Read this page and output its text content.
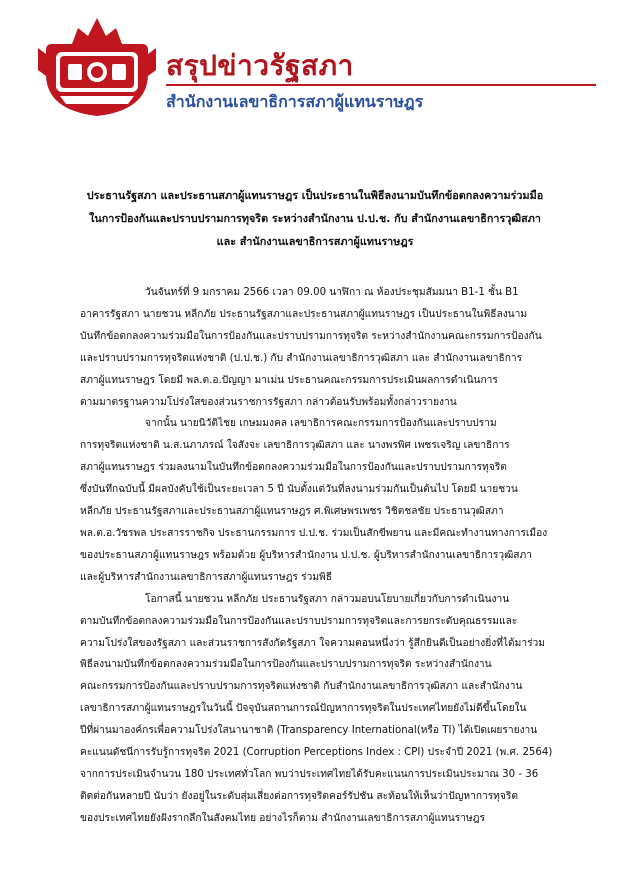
สรุปข่าวรัฐสภา
สำนักงานเลขาธิการสภาผู้แทนราษฎร

ประธานรัฐสภา และประธานสภาผู้แทนราษฎร เป็นประธานในพิธีลงนามบันทึกข้อตกลงความร่วมมือ

ในการป้องกันและปราบปรามการทุจริต ระหว่างสำนักงาน ป.ป.ช. กับ สำนักงานเลขาธิการวุฒิสภา

และ สำนักงานเลขาธิการสภาผู้แทนราษฎร

วันจันทร์ที่ 9 มกราคม 2566 เวลา 09.00 นาฬิกา ณ ห้องประชุมสัมมนา B1-1 ชั้น B1

อาคารรัฐสภา นายชวน หลีกภัย ประธานรัฐสภาและประธานสภาผู้แทนราษฎร เป็นประธานในพิธีลงนาม

บันทึกข้อตกลงความร่วมมือในการป้องกันและปราบปรามการทุจริต ระหว่างสำนักงานคณะกรรมการป้องกัน

และปราบปรามการทุจริตแห่งชาติ (ป.ป.ช.) กับ สำนักงานเลขาธิการวุฒิสภา และ สำนักงานเลขาธิการ

สภาผู้แทนราษฎร โดยมี พล.ต.อ.ปัญญา มาเม่น ประธานคณะกรรมการประเมินผลการดำเนินการ

ตามมาตรฐานความโปร่งใสของส่วนราชการรัฐสภา กล่าวต้อนรับพร้อมทั้งกล่าวรายงาน

จากนั้น นายนิวัติไชย เกษมมงคล เลขาธิการคณะกรรมการป้องกันและปราบปราม

การทุจริตแห่งชาติ น.ส.นภาภรณ์ ใจสังจะ เลขาธิการวุฒิสภา และ นางพรพิศ เพชรเจริญ เลขาธิการ

สภาผู้แทนราษฎร ร่วมลงนามในบันทึกข้อตกลงความร่วมมือในการป้องกันและปราบปรามการทุจริต

ซึ่งบันทึกฉบับนี้ มีผลบังคับใช้เป็นระยะเวลา 5 ปี นับตั้งแต่วันที่ลงนามร่วมกันเป็นต้นไป โดยมี นายชวน

หลีกภัย ประธานรัฐสภาและประธานสภาผู้แทนราษฎร ศ.พิเศษพรเพชร วิชิตชลชัย ประธานวุฒิสภา

พล.ต.อ.วัชรพล ประสารราชกิจ ประธานกรรมการ ป.ป.ช. ร่วมเป็นสักขีพยาน และมีคณะทำงานทางการเมือง

ของประธานสภาผู้แทนราษฎร พร้อมด้วย ผู้บริหารสำนักงาน ป.ป.ช. ผู้บริหารสำนักงานเลขาธิการวุฒิสภา

และผู้บริหารสำนักงานเลขาธิการสภาผู้แทนราษฎร ร่วมพิธี

โอกาสนี้ นายชวน หลีกภัย ประธานรัฐสภา กล่าวมอบนโยบายเกี่ยวกับการดำเนินงาน

ตามบันทึกข้อตกลงความร่วมมือในการป้องกันและปราบปรามการทุจริตและการยกระดับคุณธรรมและ

ความโปร่งใสของรัฐสภา และส่วนราชการสังกัดรัฐสภา ใจความตอนหนึ่งว่า รู้สึกยินดีเป็นอย่างยิ่งที่ได้มาร่วม

พิธีลงนามบันทึกข้อตกลงความร่วมมือในการป้องกันและปราบปรามการทุจริต ระหว่างสำนักงาน

คณะกรรมการป้องกันและปราบปรามการทุจริตแห่งชาติ กับสำนักงานเลขาธิการวุฒิสภา และสำนักงาน

เลขาธิการสภาผู้แทนราษฎรในวันนี้ ปัจจุบันสถานการณ์ปัญหาการทุจริตในประเทศไทยยังไม่ดีขึ้นโดยใน

ปีที่ผ่านมาองค์กรเพื่อความโปร่งใสนานาชาติ (Transparency International(หรือ TI) ได้เปิดเผยรายงาน

คะแนนดัชนีการรับรู้การทุจริต 2021 (Corruption Perceptions Index : CPI) ประจำปี 2021 (พ.ศ. 2564)

จากการประเมินจำนวน 180 ประเทศทั่วโลก พบว่าประเทศไทยได้รับคะแนนการประเมินประมาณ 30 - 36

ติดต่อกันหลายปี นับว่า ยังอยู่ในระดับสุ่มเสี่ยงต่อการทุจริตคอร์รัปชัน สะท้อนให้เห็นว่าปัญหาการทุจริต

ของประเทศไทยยังฝังรากลึกในสังคมไทย อย่างไรก็ตาม สำนักงานเลขาธิการสภาผู้แทนราษฎร
